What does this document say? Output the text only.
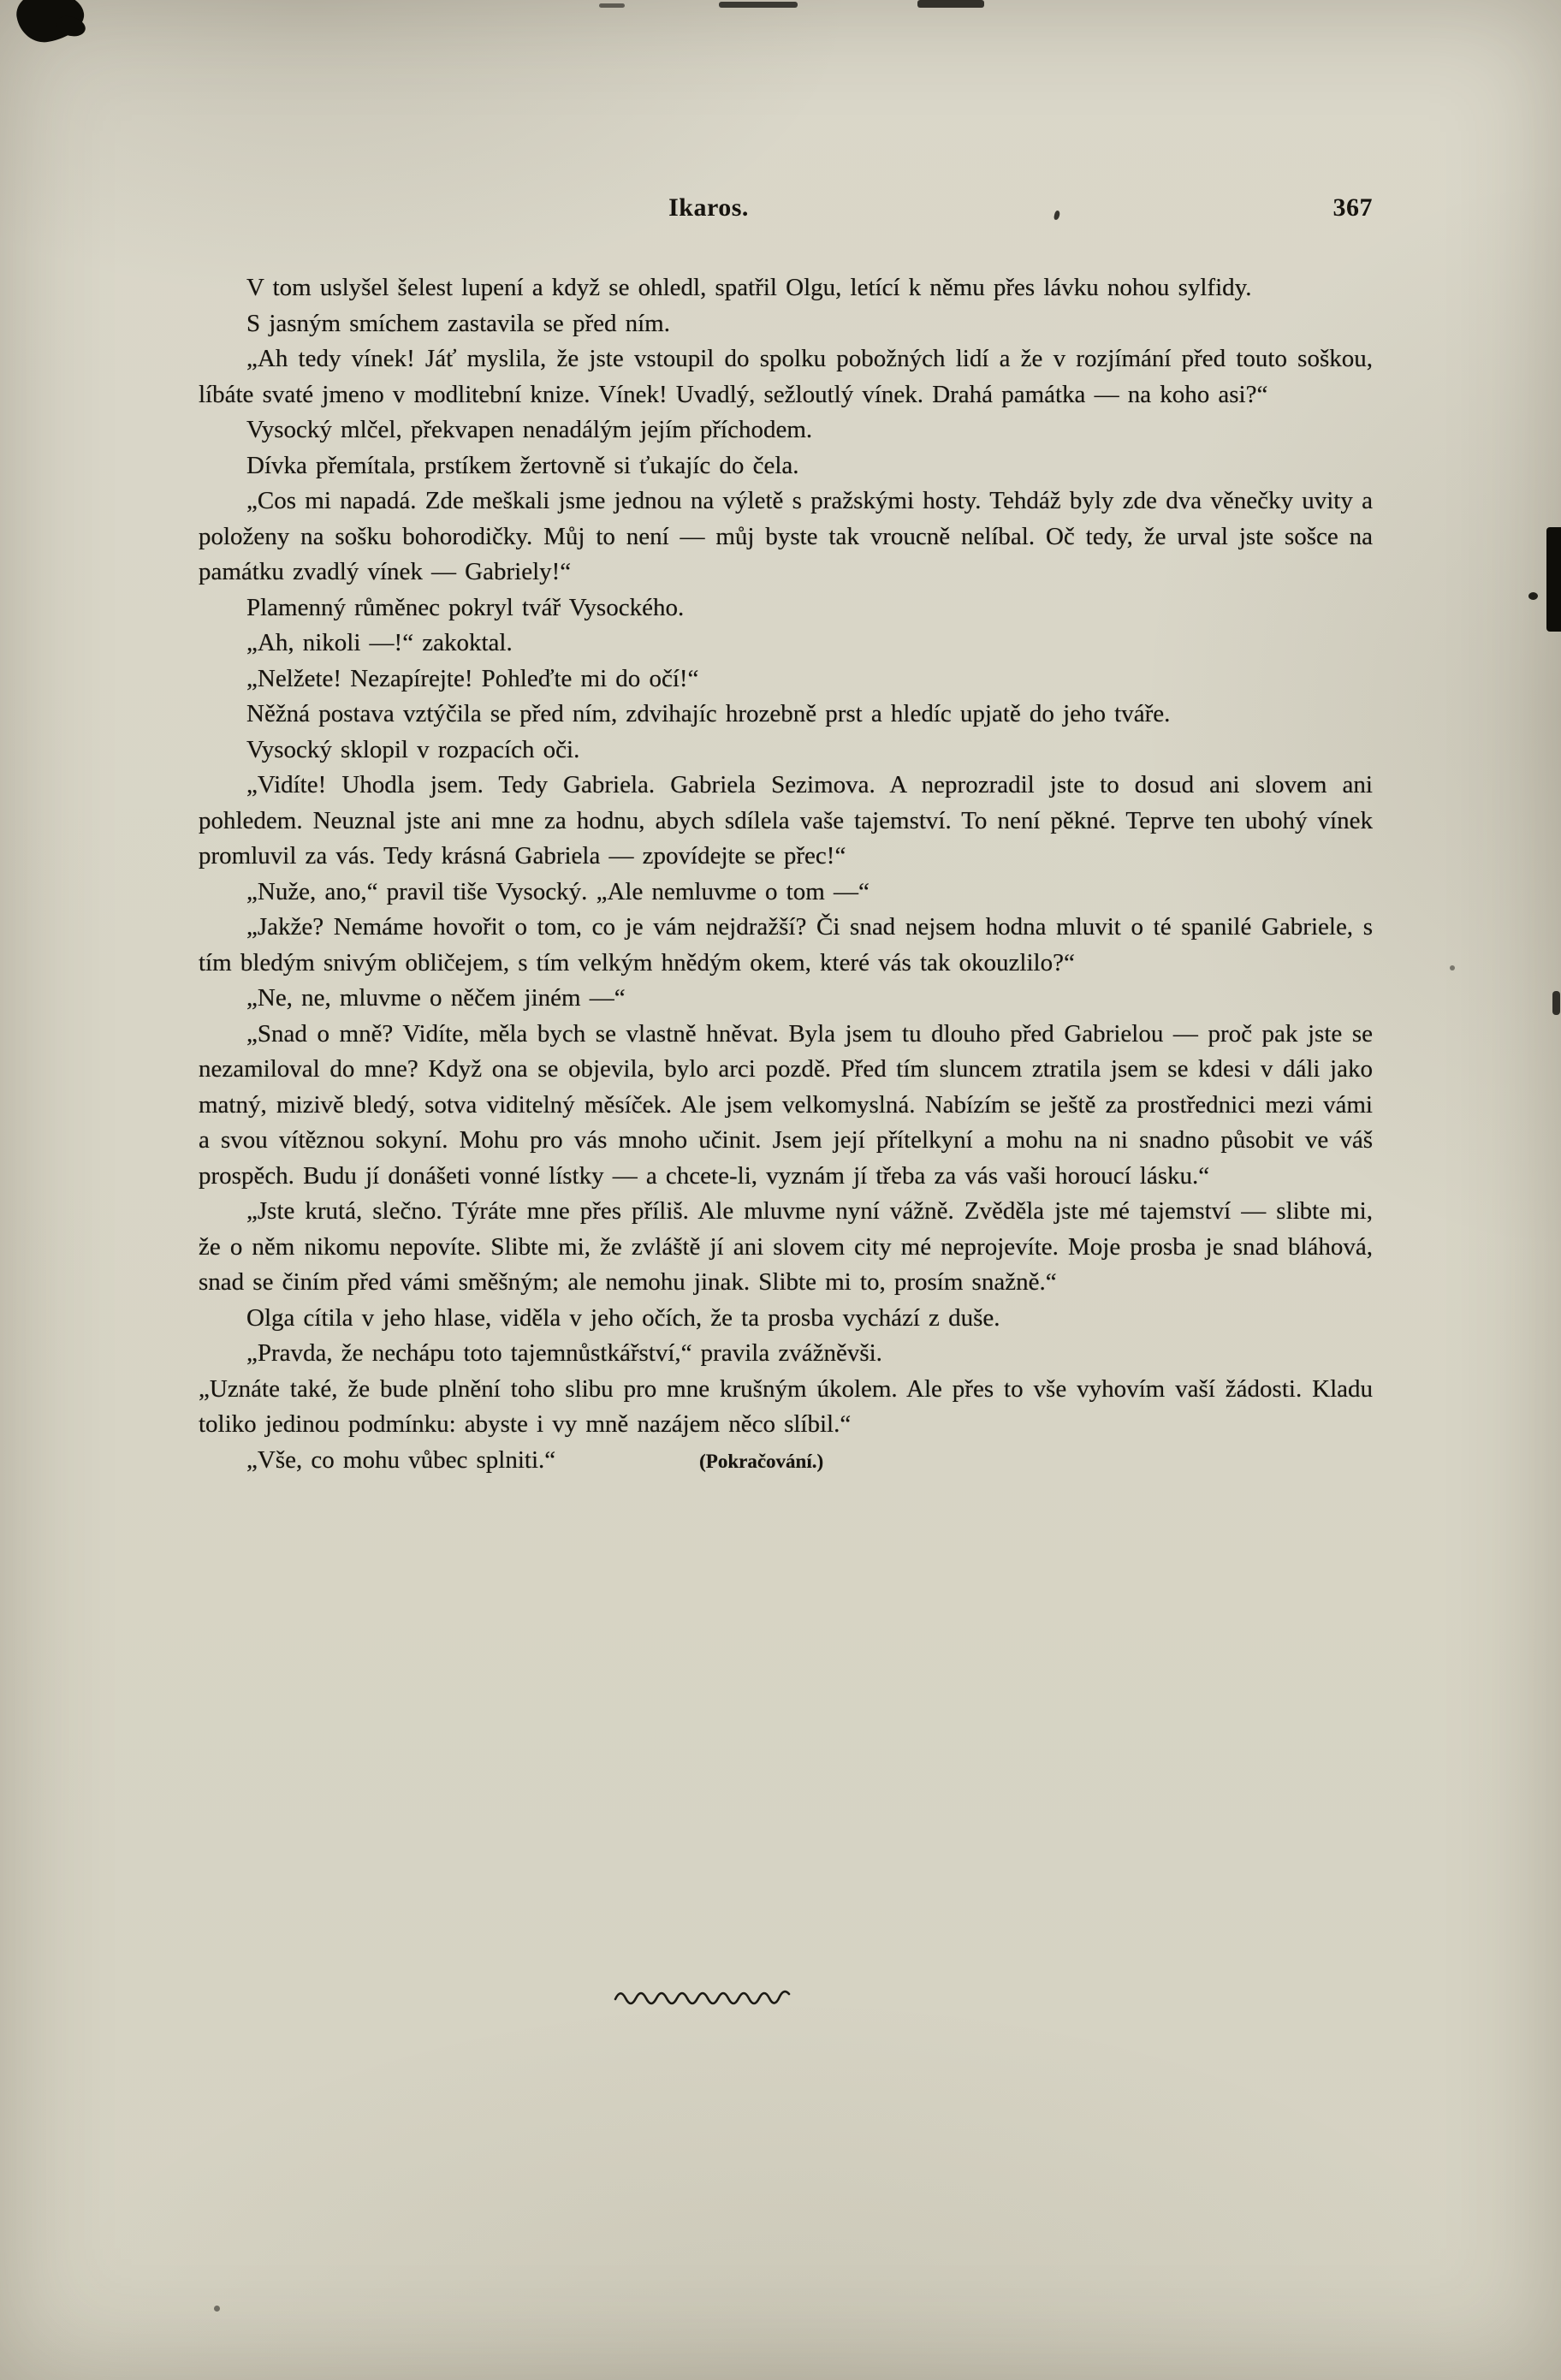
Ikaros.	367

V tom uslyšel šelest lupení a když se ohledl, spatřil Olgu, letící k němu přes lávku nohou sylfidy.

S jasným smíchem zastavila se před ním.

„Ah tedy vínek! Jáť myslila, že jste vstoupil do spolku pobožných lidí a že v rozjímání před touto soškou, líbáte svaté jmeno v modlitební knize. Vínek! Uvadlý, sežloutlý vínek. Drahá památka — na koho asi?“

Vysocký mlčel, překvapen nenadálým jejím příchodem.

Dívka přemítala, prstíkem žertovně si ťukajíc do čela.

„Cos mi napadá. Zde meškali jsme jednou na výletě s pražskými hosty. Tehdáž byly zde dva věnečky uvity a položeny na sošku bohorodičky. Můj to není — můj byste tak vroucně nelíbal. Oč tedy, že urval jste sošce na památku zvadlý vínek — Gabriely!“

Plamenný růměnec pokryl tvář Vysockého.

„Ah, nikoli —!“ zakoktal.

„Nelžete! Nezapírejte! Pohleďte mi do očí!“

Něžná postava vztýčila se před ním, zdvihajíc hrozebně prst a hledíc upjatě do jeho tváře.

Vysocký sklopil v rozpacích oči.

„Vidíte! Uhodla jsem. Tedy Gabriela. Gabriela Sezimova. A neprozradil jste to dosud ani slovem ani pohledem. Neuznal jste ani mne za hodnu, abych sdílela vaše tajemství. To není pěkné. Teprve ten ubohý vínek promluvil za vás. Tedy krásná Gabriela — zpovídejte se přec!“

„Nuže, ano,“ pravil tiše Vysocký. „Ale nemluvme o tom —“

„Jakže? Nemáme hovořit o tom, co je vám nejdražší? Či snad nejsem hodna mluvit o té spanilé Gabriele, s tím bledým snivým obličejem, s tím velkým hnědým okem, které vás tak okouzlilo?“

„Ne, ne, mluvme o něčem jiném —“

„Snad o mně? Vidíte, měla bych se vlastně hněvat. Byla jsem tu dlouho před Gabrielou — proč pak jste se nezamiloval do mne? Když ona se objevila, bylo arci pozdě. Před tím sluncem ztratila jsem se kdesi v dáli jako matný, mizivě bledý, sotva viditelný měsíček. Ale jsem velkomyslná. Nabízím se ještě za prostřednici mezi vámi a svou vítěznou sokyní. Mohu pro vás mnoho učinit. Jsem její přítelkyní a mohu na ni snadno působit ve váš prospěch. Budu jí donášeti vonné lístky — a chcete-li, vyznám jí třeba za vás vaši horoucí lásku.“

„Jste krutá, slečno. Týráte mne přes příliš. Ale mluvme nyní vážně. Zvěděla jste mé tajemství — slibte mi, že o něm nikomu nepovíte. Slibte mi, že zvláště jí ani slovem city mé neprojevíte. Moje prosba je snad bláhová, snad se činím před vámi směšným; ale nemohu jinak. Slibte mi to, prosím snažně.“

Olga cítila v jeho hlase, viděla v jeho očích, že ta prosba vychází z duše.

„Pravda, že nechápu toto tajemnůstkářství,“ pravila zvážněvši.

„Uznáte také, že bude plnění toho slibu pro mne krušným úkolem. Ale přes to vše vyhovím vaší žádosti. Kladu toliko jedinou podmínku: abyste i vy mně nazájem něco slíbil.“

„Vše, co mohu vůbec splniti.“	(Pokračování.)
